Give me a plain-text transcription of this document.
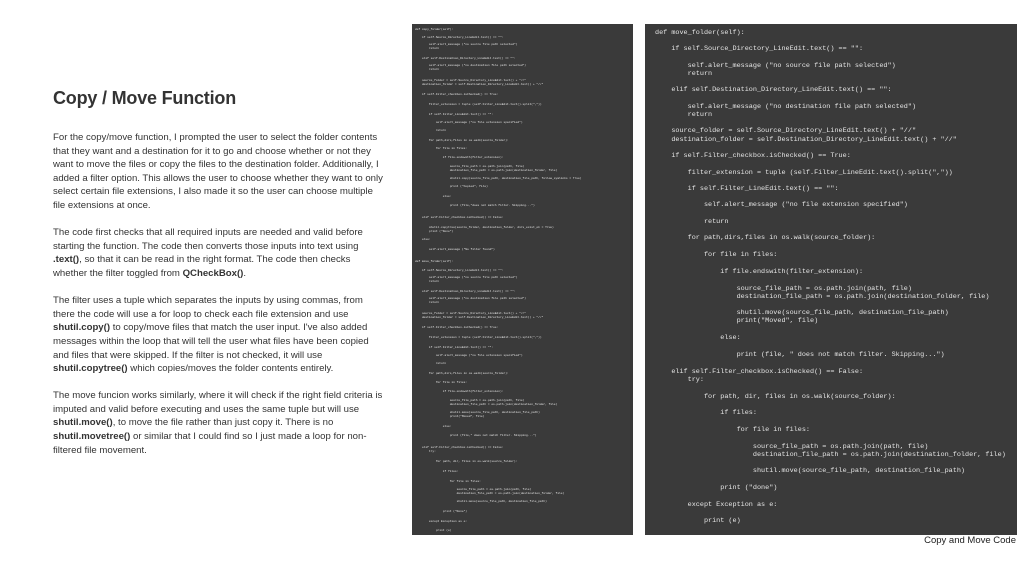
Copy / Move Function

For the copy/move function, I prompted the user to select the folder contents that they want and a destination for it to go and choose whether or not they want to move the files or copy the files to the destination folder. Additionally, I added a filter option. This allows the user to choose whether they want to only select certain file extensions, I also made it so the user can choose multiple file extensions at once.

The code first checks that all required inputs are needed and valid before starting the function. The code then converts those inputs into text using .text(), so that it can be read in the right format. The code then checks whether the filter toggled from QCheckBox().

The filter uses a tuple which separates the inputs by using commas, from there the code will use a for loop to check each file extension and use shutil.copy() to copy/move files that match the user input. I've also added messages within the loop that will tell the user what files have been copied and files that were skipped. If the filter is not checked, it will use shutil.copytree() which copies/moves the folder contents entirely.

The move funcion works similarly, where it will check if the right field criteria is imputed and valid before executing and uses the same tuple but will use shutil.move(), to move the file rather than just copy it. There is no shutil.movetree() or similar that I could find so I just made a loop for non-filtered file movement.

def copy_folder(self):
if self.Source_Directory_LineEdit.text() == "":
self.alert_message ("no source file path selected")
return
elif self.Destination_Directory_LineEdit.text() == "":
self.alert_message ("no destination file path selected")
return
source_folder = self.Source_Directory_LineEdit.text() + "//"
destination_folder = self.Destination_Directory_LineEdit.text() + "//"
if self.Filter_checkbox.isChecked() == True:
filter_extension = tuple (self.Filter_LineEdit.text().split(","))
if self.Filter_LineEdit.text() == "":
self.alert_message ("no file extension specified")
return
for path,dirs,files in os.walk(source_folder):
for file in files:
if file.endswith(filter_extension):
source_file_path = os.path.join(path, file)
destination_file_path = os.path.join(destination_folder, file)
shutil.copy(source_file_path, destination_file_path, follow_symlinks = True)
print ("Copied", file)
else:
print (file,"does not match filter. Skipping...")
elif self.Filter_checkbox.isChecked() == False:
shutil.copytree(source_folder, destination_folder, dirs_exist_ok = True)
print ("Done")
else:
self.alert_message ("No filter found")
def move_folder(self):
if self.Source_Directory_LineEdit.text() == "":
self.alert_message ("no source file path selected")
return
elif self.Destination_Directory_LineEdit.text() == "":
self.alert_message ("no destination file path selected")
return
source_folder = self.Source_Directory_LineEdit.text() + "//"
destination_folder = self.Destination_Directory_LineEdit.text() + "//"
if self.Filter_checkbox.isChecked() == True:
filter_extension = tuple (self.Filter_LineEdit.text().split(","))
if self.Filter_LineEdit.text() == "":
self.alert_message ("no file extension specified")
return
for path,dirs,files in os.walk(source_folder):
for file in files:
if file.endswith(filter_extension):
source_file_path = os.path.join(path, file)
destination_file_path = os.path.join(destination_folder, file)
shutil.move(source_file_path, destination_file_path)
print("Moved", file)
else:
print (file," does not match filter. Skipping...")
elif self.Filter_checkbox.isChecked() == False:
try:
for path, dir, files in os.walk(source_folder):
if files:
for file in files:
source_file_path = os.path.join(path, file)
destination_file_path = os.path.join(destination_folder, file)
shutil.move(source_file_path, destination_file_path)
print ("Done")
except Exception as e:
print (e)
def move_folder(self):
if self.Source_Directory_LineEdit.text() == "":
self.alert_message ("no source file path selected")
return
elif self.Destination_Directory_LineEdit.text() == "":
self.alert_message ("no destination file path selected")
return
source_folder = self.Source_Directory_LineEdit.text() + "//"
destination_folder = self.Destination_Directory_LineEdit.text() + "//"
if self.Filter_checkbox.isChecked() == True:
filter_extension = tuple (self.Filter_LineEdit.text().split(","))
if self.Filter_LineEdit.text() == "":
self.alert_message ("no file extension specified")
return
for path,dirs,files in os.walk(source_folder):
for file in files:
if file.endswith(filter_extension):
source_file_path = os.path.join(path, file)
destination_file_path = os.path.join(destination_folder, file)
shutil.move(source_file_path, destination_file_path)
print("Moved", file)
else:
print (file, " does not match filter. Skipping...")
elif self.Filter_checkbox.isChecked() == False:
try:
for path, dir, files in os.walk(source_folder):
if files:
for file in files:
source_file_path = os.path.join(path, file)
destination_file_path = os.path.join(destination_folder, file)
shutil.move(source_file_path, destination_file_path)
print ("done")
except Exception as e:
print (e)
Copy and Move Code
